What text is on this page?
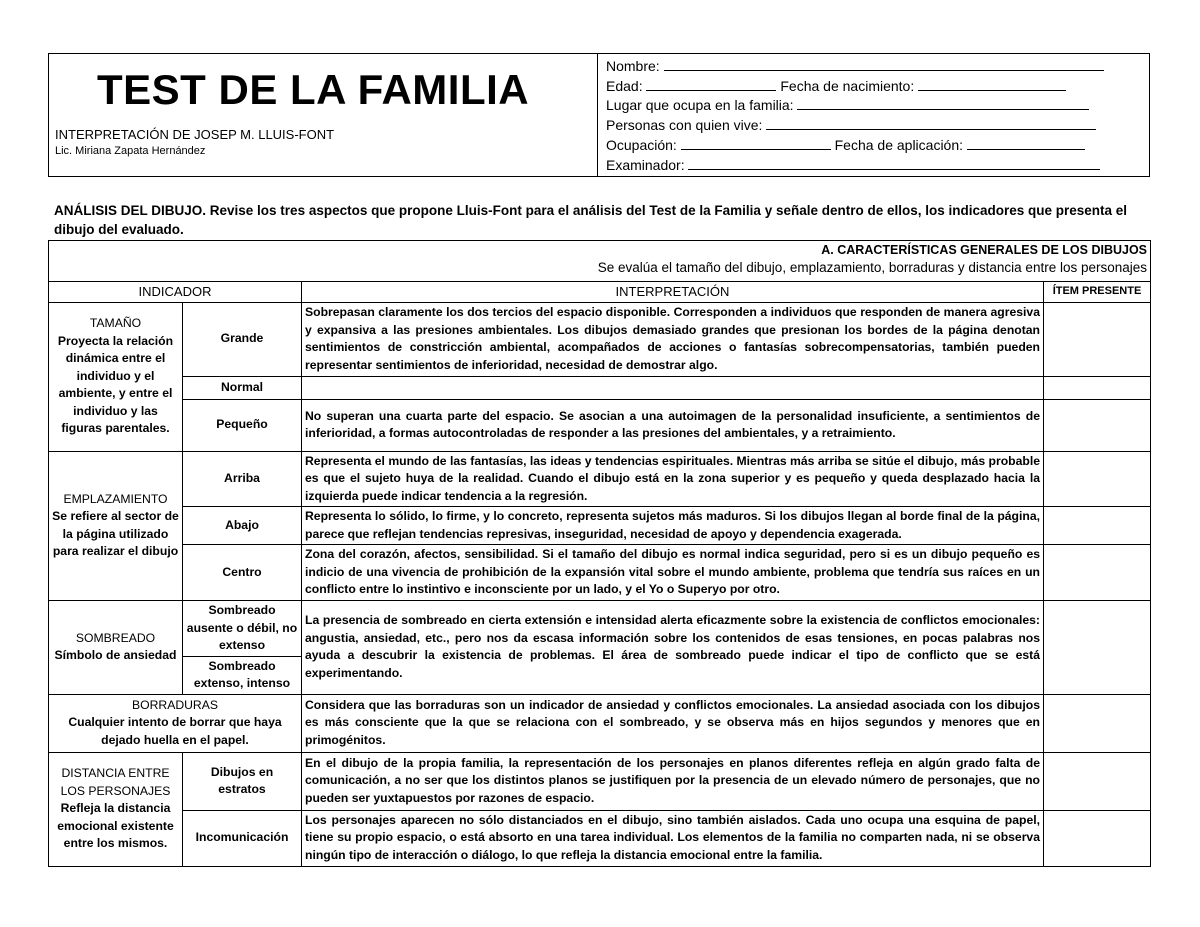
TEST DE LA FAMILIA
INTERPRETACIÓN DE JOSEP M. LLUIS-FONT
Lic. Miriana Zapata Hernández
Nombre:
Edad:	Fecha de nacimiento:
Lugar que ocupa en la familia:
Personas con quien vive:
Ocupación:	Fecha de aplicación:
Examinador:
ANÁLISIS DEL DIBUJO. Revise los tres aspectos que propone Lluis-Font para el análisis del Test de la Familia y señale dentro de ellos, los indicadores que presenta el dibujo del evaluado.
A. CARACTERÍSTICAS GENERALES DE LOS DIBUJOS
Se evalúa el tamaño del dibujo, emplazamiento, borraduras y distancia entre los personajes			

INDICADOR		INTERPRETACIÓN	ÍTEM PRESENTE

TAMAÑO
Proyecta la relación dinámica entre el individuo y el ambiente, y entre el individuo y las figuras parentales.	Grande	Sobrepasan claramente los dos tercios del espacio disponible. Corresponden a individuos que responden de manera agresiva y expansiva a las presiones ambientales. Los dibujos demasiado grandes que presionan los bordes de la página denotan sentimientos de constricción ambiental, acompañados de acciones o fantasías sobrecompensatorias, también pueden representar sentimientos de inferioridad, necesidad de demostrar algo.	
	Normal		
	Pequeño	No superan una cuarta parte del espacio. Se asocian a una autoimagen de la personalidad insuficiente, a sentimientos de inferioridad, a formas autocontroladas de responder a las presiones del ambientales, y a retraimiento.	

EMPLAZAMIENTO
Se refiere al sector de la página utilizado para realizar el dibujo	Arriba	Representa el mundo de las fantasías, las ideas y tendencias espirituales. Mientras más arriba se sitúe el dibujo, más probable es que el sujeto huya de la realidad. Cuando el dibujo está en la zona superior y es pequeño y queda desplazado hacia la izquierda puede indicar tendencia a la regresión.	
	Abajo	Representa lo sólido, lo firme, y lo concreto, representa sujetos más maduros. Si los dibujos llegan al borde final de la página, parece que reflejan tendencias represivas, inseguridad, necesidad de apoyo y dependencia exagerada.	
	Centro	Zona del corazón, afectos, sensibilidad. Si el tamaño del dibujo es normal indica seguridad, pero si es un dibujo pequeño es indicio de una vivencia de prohibición de la expansión vital sobre el mundo ambiente, problema que tendría sus raíces en un conflicto entre lo instintivo e inconsciente por un lado, y el Yo o Superyo por otro.	

SOMBREADO
Símbolo de ansiedad	Sombreado ausente o débil, no extenso	La presencia de sombreado en cierta extensión e intensidad alerta eficazmente sobre la existencia de conflictos emocionales: angustia, ansiedad, etc., pero nos da escasa información sobre los contenidos de esas tensiones, en pocas palabras nos ayuda a descubrir la existencia de problemas. El área de sombreado puede indicar el tipo de conflicto que se está experimentando.	
	Sombreado extenso, intenso		

BORRADURAS
Cualquier intento de borrar que haya dejado huella en el papel.		Considera que las borraduras son un indicador de ansiedad y conflictos emocionales. La ansiedad asociada con los dibujos es más consciente que la que se relaciona con el sombreado, y se observa más en hijos segundos y menores que en primogénitos.	

DISTANCIA ENTRE LOS PERSONAJES
Refleja la distancia emocional existente entre los mismos.	Dibujos en estratos	En el dibujo de la propia familia, la representación de los personajes en planos diferentes refleja en algún grado falta de comunicación, a no ser que los distintos planos se justifiquen por la presencia de un elevado número de personajes, que no pueden ser yuxtapuestos por razones de espacio.	
	Incomunicación	Los personajes aparecen no sólo distanciados en el dibujo, sino también aislados. Cada uno ocupa una esquina de papel, tiene su propio espacio, o está absorto en una tarea individual. Los elementos de la familia no comparten nada, ni se observa ningún tipo de interacción o diálogo, lo que refleja la distancia emocional entre la familia.	
